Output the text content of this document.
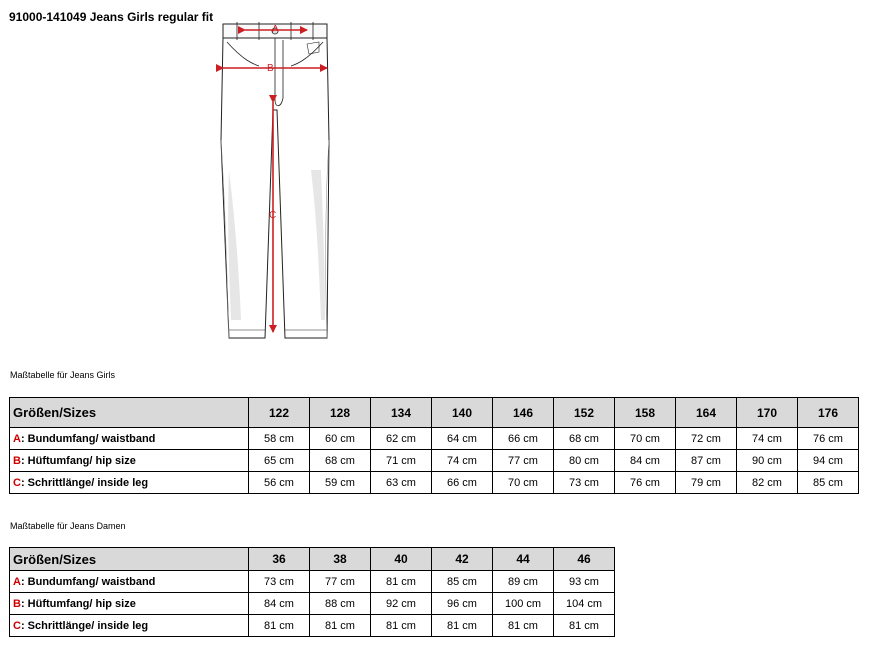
91000-141049 Jeans Girls regular fit
A
B
C
Maßtabelle für Jeans Girls
Größen/Sizes	122	128	134	140	146	152	158	164	170	176
A: Bundumfang/ waistband	58 cm	60 cm	62 cm	64 cm	66 cm	68 cm	70 cm	72 cm	74 cm	76 cm
B: Hüftumfang/ hip size	65 cm	68 cm	71 cm	74 cm	77 cm	80 cm	84 cm	87 cm	90 cm	94 cm
C: Schrittlänge/ inside leg	56 cm	59 cm	63 cm	66 cm	70 cm	73 cm	76 cm	79 cm	82 cm	85 cm
Maßtabelle für Jeans Damen
Größen/Sizes	36	38	40	42	44	46
A: Bundumfang/ waistband	73 cm	77 cm	81 cm	85 cm	89 cm	93 cm
B: Hüftumfang/ hip size	84 cm	88 cm	92 cm	96 cm	100 cm	104 cm
C: Schrittlänge/ inside leg	81 cm	81 cm	81 cm	81 cm	81 cm	81 cm
